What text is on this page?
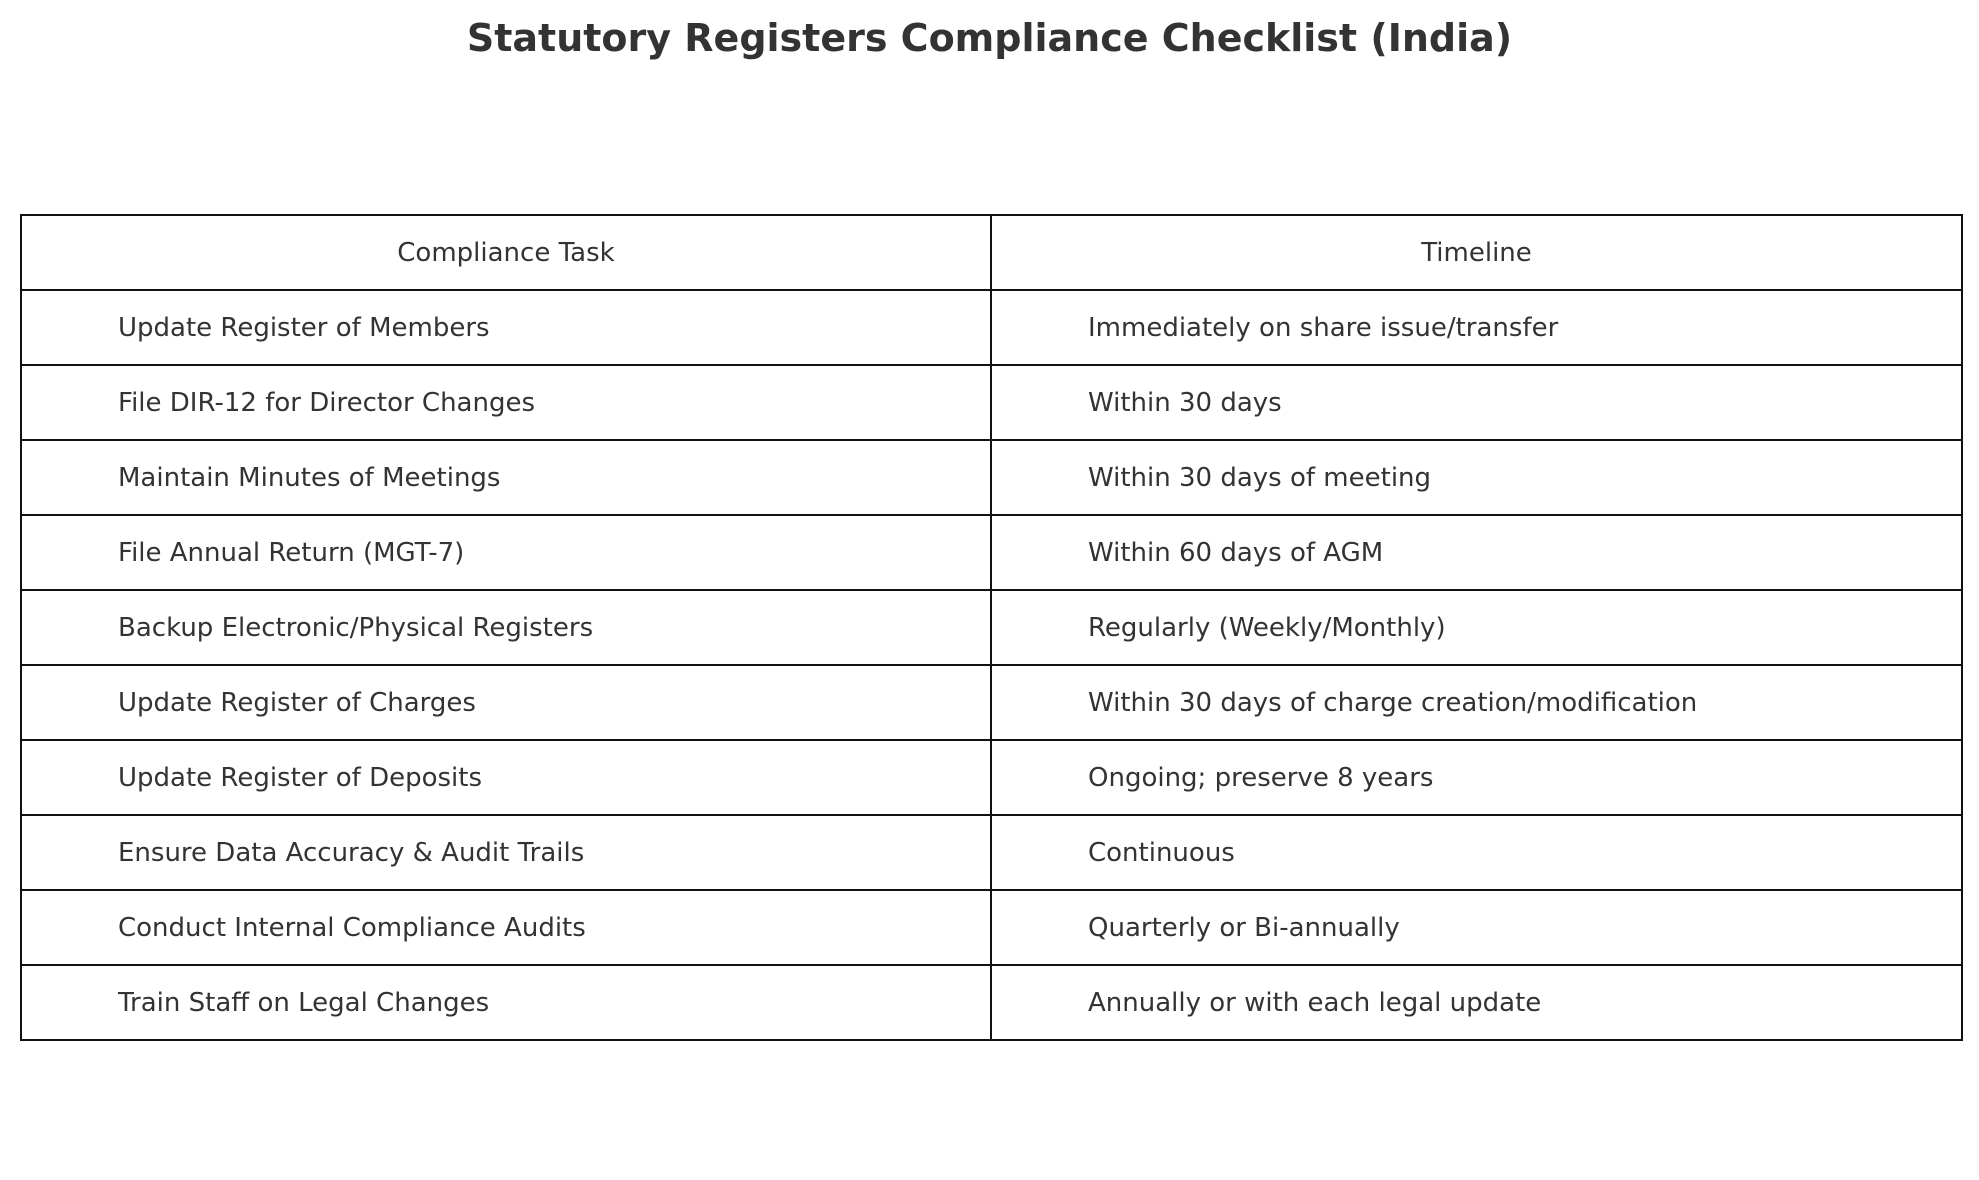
Statutory Registers Compliance Checklist (India)
Compliance Task	Timeline
Update Register of Members	Immediately on share issue/transfer
File DIR-12 for Director Changes	Within 30 days
Maintain Minutes of Meetings	Within 30 days of meeting
File Annual Return (MGT-7)	Within 60 days of AGM
Backup Electronic/Physical Registers	Regularly (Weekly/Monthly)
Update Register of Charges	Within 30 days of charge creation/modification
Update Register of Deposits	Ongoing; preserve 8 years
Ensure Data Accuracy & Audit Trails	Continuous
Conduct Internal Compliance Audits	Quarterly or Bi-annually
Train Staff on Legal Changes	Annually or with each legal update
